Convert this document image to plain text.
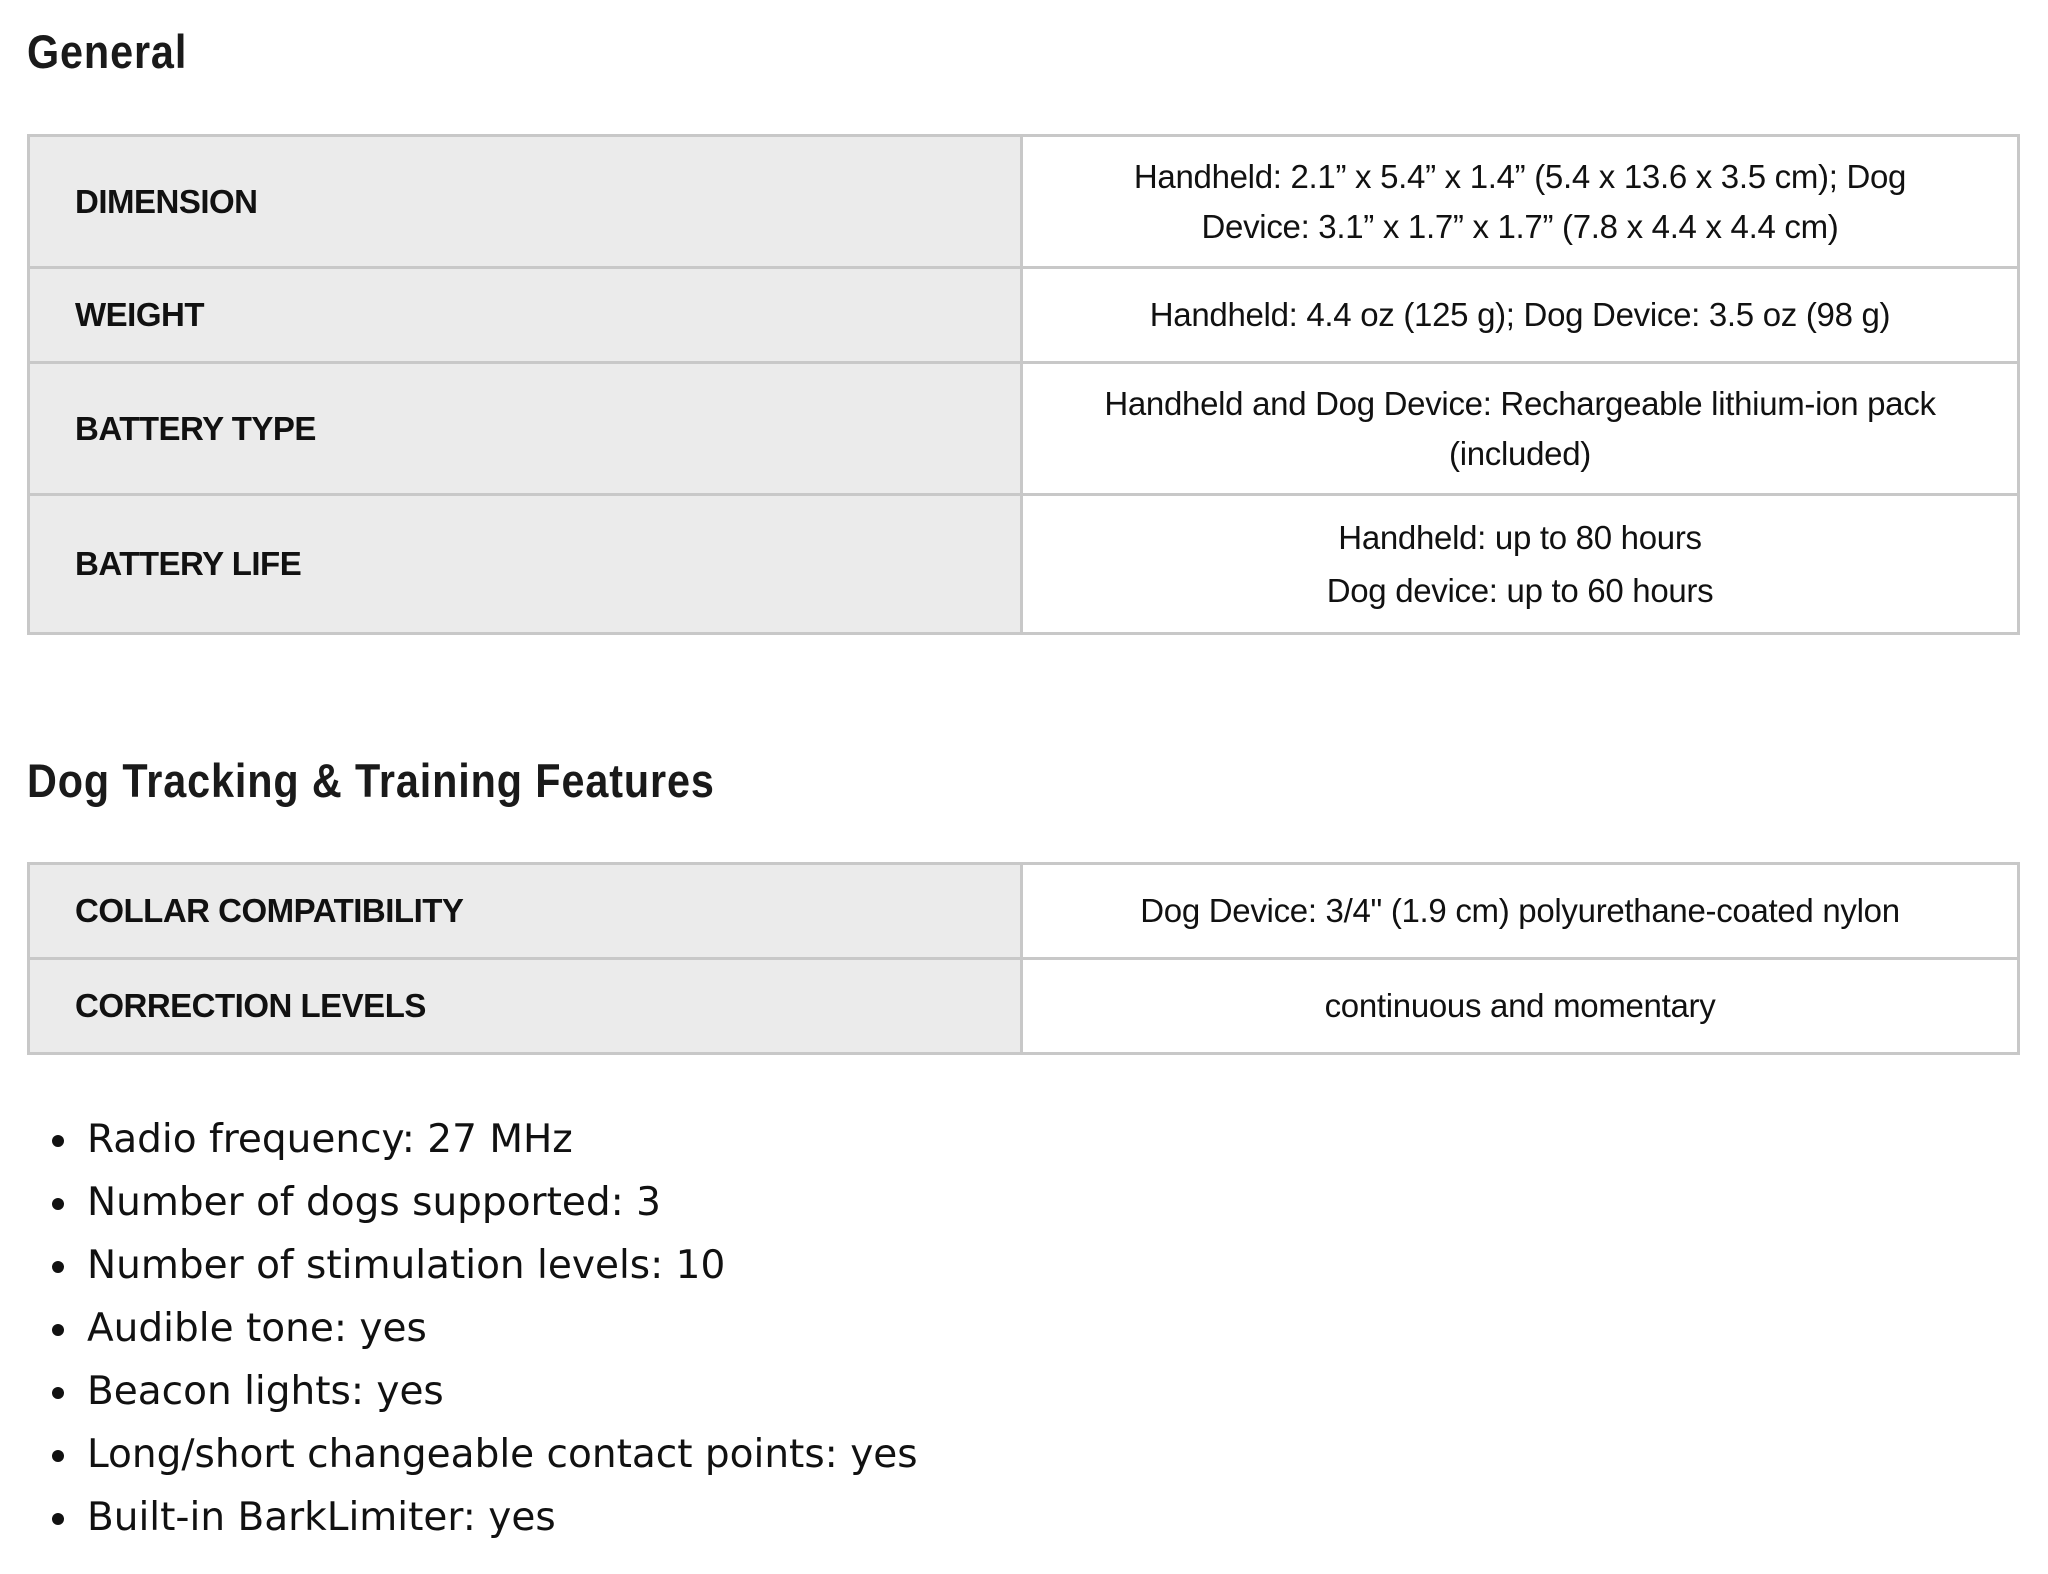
General
DIMENSION	Handheld: 2.1” x 5.4” x 1.4” (5.4 x 13.6 x 3.5 cm); Dog
Device: 3.1” x 1.7” x 1.7” (7.8 x 4.4 x 4.4 cm)

WEIGHT	Handheld: 4.4 oz (125 g); Dog Device: 3.5 oz (98 g)

BATTERY TYPE	Handheld and Dog Device: Rechargeable lithium-ion pack
(included)

BATTERY LIFE	Handheld: up to 80 hours
Dog device: up to 60 hours
Dog Tracking & Training Features
COLLAR COMPATIBILITY	Dog Device: 3/4" (1.9 cm) polyurethane-coated nylon

CORRECTION LEVELS	continuous and momentary
Radio frequency: 27 MHz
Number of dogs supported: 3
Number of stimulation levels: 10
Audible tone: yes
Beacon lights: yes
Long/short changeable contact points: yes
Built-in BarkLimiter: yes
